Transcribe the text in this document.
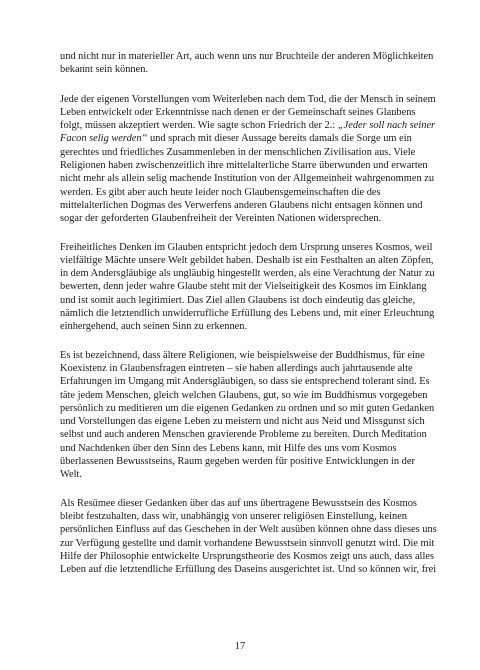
und nicht nur in materieller Art, auch wenn uns nur Bruchteile der anderen Möglichkeiten bekannt sein können.

Jede der eigenen Vorstellungen vom Weiterleben nach dem Tod, die der Mensch in seinem Leben entwickelt oder Erkenntnisse nach denen er der Gemeinschaft seines Glaubens folgt, müssen akzeptiert werden. Wie sagte schon Friedrich der 2.: „Jeder soll nach seiner Facon selig werden“ und sprach mit dieser Aussage bereits damals die Sorge um ein gerechtes und friedliches Zusammenleben in der menschlichen Zivilisation aus. Viele Religionen haben zwischenzeitlich ihre mittelalterliche Starre überwunden und erwarten nicht mehr als allein selig machende Institution von der Allgemeinheit wahrgenommen zu werden. Es gibt aber auch heute leider noch Glaubensgemeinschaften die des mittelalterlichen Dogmas des Verwerfens anderen Glaubens nicht entsagen können und sogar der geforderten Glaubenfreiheit der Vereinten Nationen widersprechen.

Freiheitliches Denken im Glauben entspricht jedoch dem Ursprung unseres Kosmos, weil vielfältige Mächte unsere Welt gebildet haben. Deshalb ist ein Festhalten an alten Zöpfen, in dem Andersgläubige als ungläubig hingestellt werden, als eine Verachtung der Natur zu bewerten, denn jeder wahre Glaube steht mit der Vielseitigkeit des Kosmos im Einklang und ist somit auch legitimiert. Das Ziel allen Glaubens ist doch eindeutig das gleiche, nämlich die letztendlich unwiderrufliche Erfüllung des Lebens und, mit einer Erleuchtung einhergehend, auch seinen Sinn zu erkennen.

Es ist bezeichnend, dass ältere Religionen, wie beispielsweise der Buddhismus, für eine Koexistenz in Glaubensfragen eintreten – sie haben allerdings auch jahrtausende alte Erfahrungen im Umgang mit Andersgläubigen, so dass sie entsprechend tolerant sind. Es täte jedem Menschen, gleich welchen Glaubens, gut, so wie im Buddhismus vorgegeben persönlich zu meditieren um die eigenen Gedanken zu ordnen und so mit guten Gedanken und Vorstellungen das eigene Leben zu meistern und nicht aus Neid und Missgunst sich selbst und auch anderen Menschen gravierende Probleme zu bereiten. Durch Meditation und Nachdenken über den Sinn des Lebens kann, mit Hilfe des uns vom Kosmos überlassenen Bewusstseins, Raum gegeben werden für positive Entwicklungen in der Welt.

Als Resümee dieser Gedanken über das auf uns übertragene Bewusstsein des Kosmos bleibt festzuhalten, dass wir, unabhängig von unserer religiösen Einstellung, keinen persönlichen Einfluss auf das Geschehen in der Welt ausüben können ohne dass dieses uns zur Verfügung gestellte und damit vorhandene Bewusstsein sinnvoll genutzt wird. Die mit Hilfe der Philosophie entwickelte Ursprungstheorie des Kosmos zeigt uns auch, dass alles Leben auf die letztendliche Erfüllung des Daseins ausgerichtet ist. Und so können wir, frei

17
